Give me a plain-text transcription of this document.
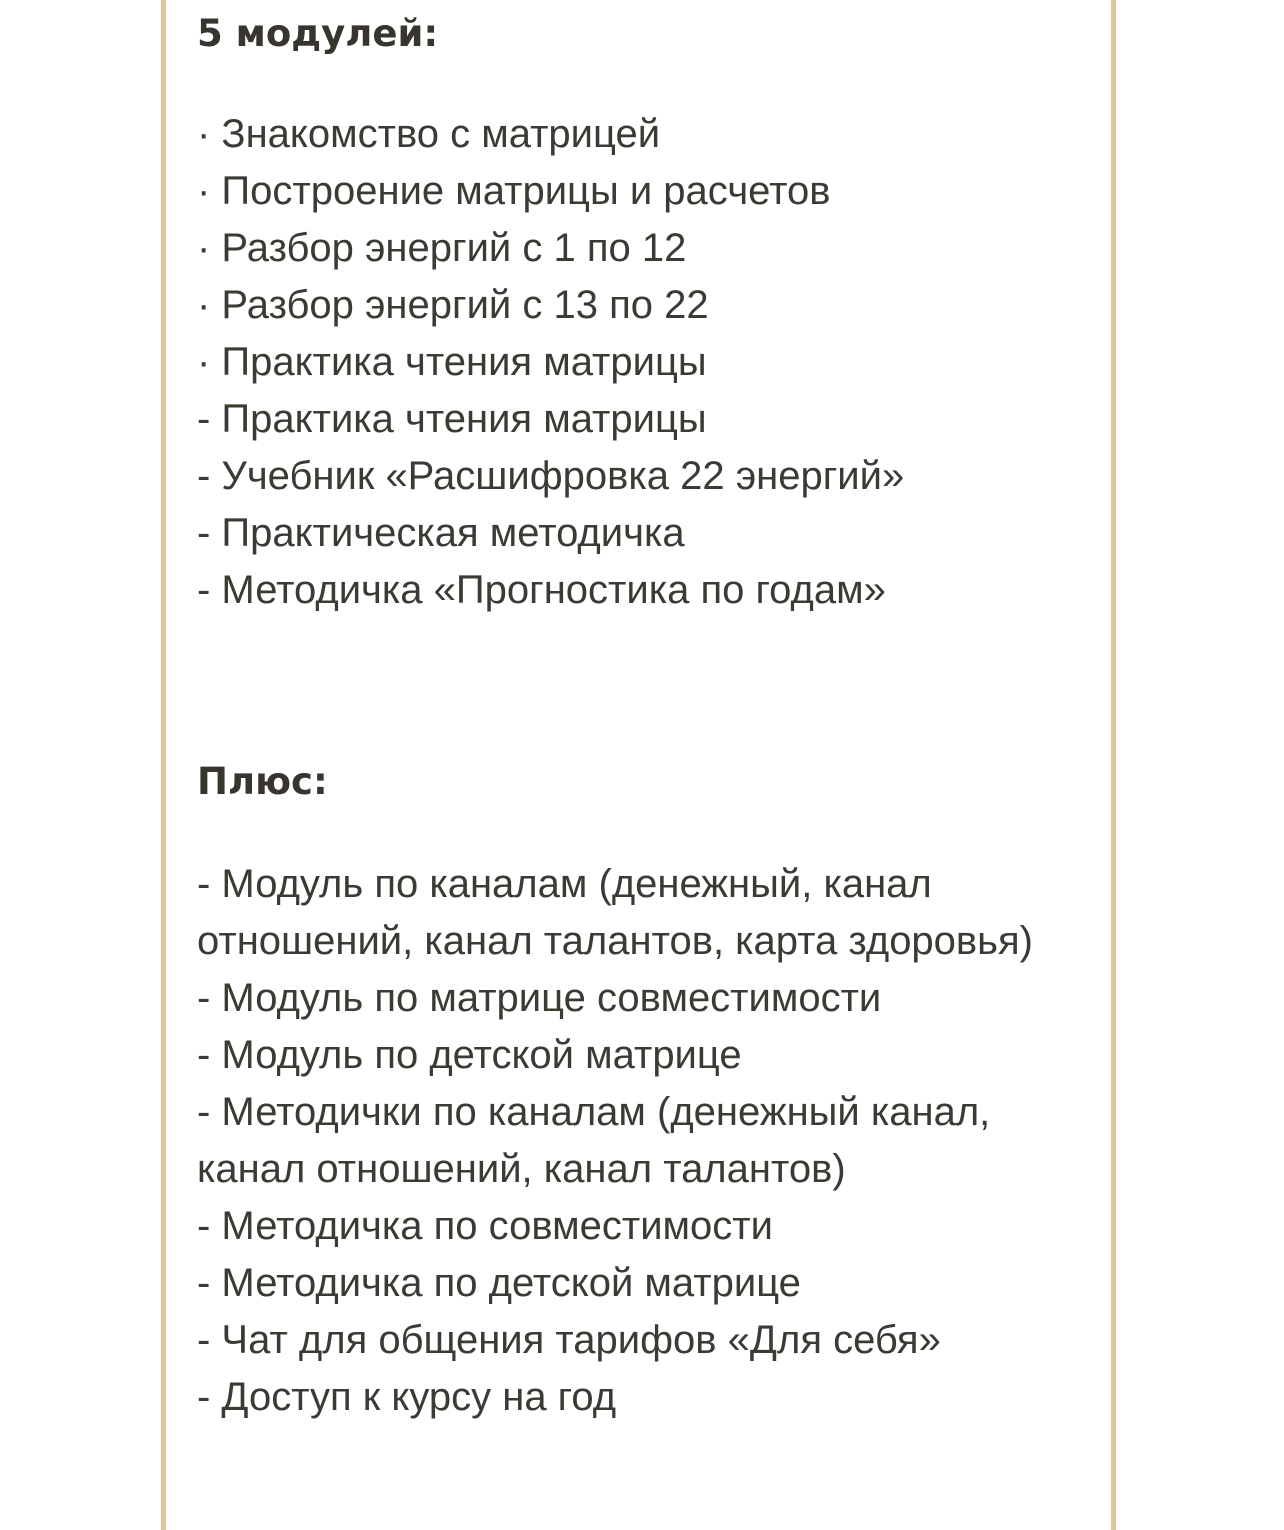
5 модулей:
· Знакомство с матрицей
· Построение матрицы и расчетов
· Разбор энергий с 1 по 12
· Разбор энергий с 13 по 22
· Практика чтения матрицы
- Практика чтения матрицы
- Учебник «Расшифровка 22 энергий»
- Практическая методичка
- Методичка «Прогностика по годам»
Плюс:
- Модуль по каналам (денежный, канал отношений, канал талантов, карта здоровья)
- Модуль по матрице совместимости
- Модуль по детской матрице
- Методички по каналам (денежный канал, канал отношений, канал талантов)
- Методичка по совместимости
- Методичка по детской матрице
- Чат для общения тарифов «Для себя»
- Доступ к курсу на год
